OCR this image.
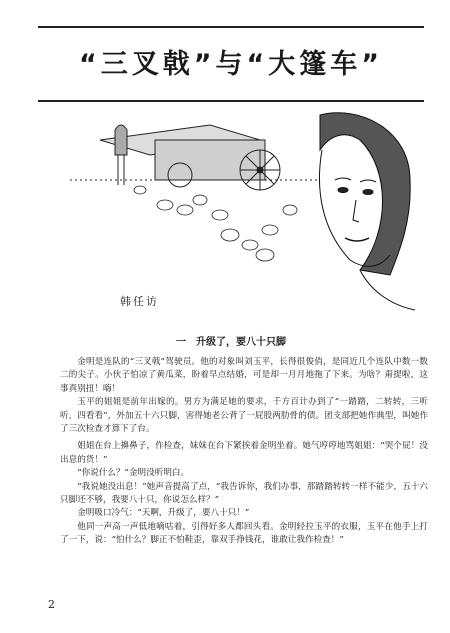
“三叉戟”与“大篷车”
韩任访
一　升级了，要八十只脚

金明是连队的“三叉戟”驾驶员。他的对象叫刘玉平，长得很俊俏，是同近几个连队中数一数二的尖子。小伙子怕凉了黄瓜菜，盼着早点结婚，可是却一月月地拖了下来。为啥？甭提啦，这事真别扭！嗨！

玉平的姐姐是前年出嫁的。男方为满足她的要求，千方百计办到了“一踏踏，二转转，三听听，四看看”，外加五十六只脚，害得她老公背了一屁股两肋骨的债。团支部把她作典型，叫她作了三次检查才算下了台。

姐姐在台上擤鼻子，作检查，妹妹在台下紧挨着金明坐着。她气哼哼地骂姐姐：“哭个屁！没出息的货！”

“你说什么？”金明没听明白。

“我说她没出息！”她声音提高了点，“我告诉你，我们办事，那踏踏转转一样不能少，五十六只脚还不够，我要八十只，你说怎么样？”

金明吸口冷气：“天啊，升级了，要八十只！”

他同一声高一声低地嘀咕着，引得好多人都回头看。金明轻拉玉平的衣服，玉平在他手上打了一下，说：“怕什么？脚正不怕鞋歪，靠双手挣钱花，谁敢让我作检查！”

2
